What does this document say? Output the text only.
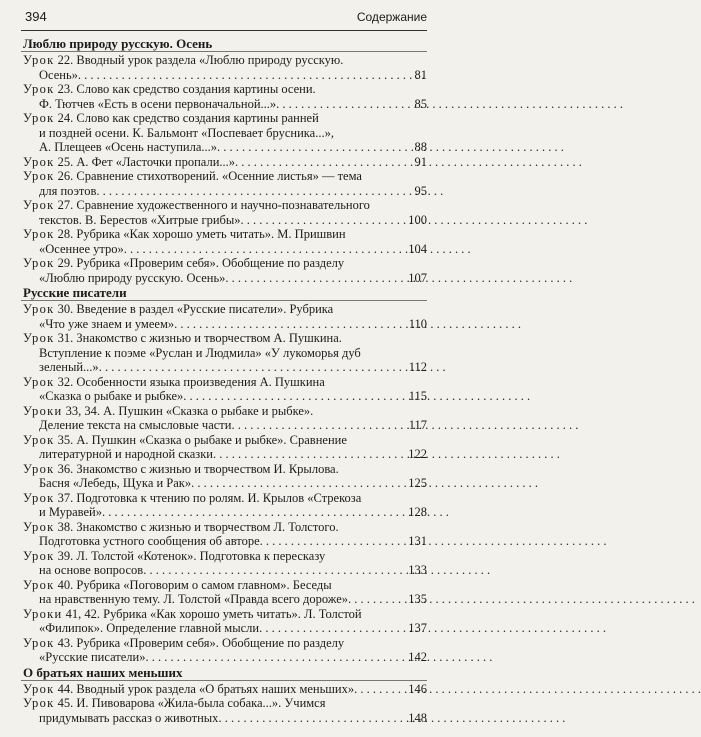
394	Содержание
Люблю природу русскую. Осень
Урок 22. Вводный урок раздела «Люблю природу русскую.
Осень» . . .	81
Урок 23. Слово как средство создания картины осени.
Ф. Тютчев «Есть в осени первоначальной...» . . .	85
Урок 24. Слово как средство создания картины ранней
и поздней осени. К. Бальмонт «Поспевает брусника...»,
А. Плещеев «Осень наступила...» . . .	88
Урок 25. А. Фет «Ласточки пропали...» . . .	91
Урок 26. Сравнение стихотворений. «Осенние листья» — тема
для поэтов . . .	95
Урок 27. Сравнение художественного и научно-познавательного
текстов. В. Берестов «Хитрые грибы» . . .	100
Урок 28. Рубрика «Как хорошо уметь читать». М. Пришвин
«Осеннее утро» . . .	104
Урок 29. Рубрика «Проверим себя». Обобщение по разделу
«Люблю природу русскую. Осень» . . .	107
Русские писатели
Урок 30. Введение в раздел «Русские писатели». Рубрика
«Что уже знаем и умеем» . . .	110
Урок 31. Знакомство с жизнью и творчеством А. Пушкина.
Вступление к поэме «Руслан и Людмила» «У лукоморья дуб
зеленый...» . . .	112
Урок 32. Особенности языка произведения А. Пушкина
«Сказка о рыбаке и рыбке» . . .	115
Уроки 33, 34. А. Пушкин «Сказка о рыбаке и рыбке».
Деление текста на смысловые части . . .	117
Урок 35. А. Пушкин «Сказка о рыбаке и рыбке». Сравнение
литературной и народной сказки . . .	122
Урок 36. Знакомство с жизнью и творчеством И. Крылова.
Басня «Лебедь, Щука и Рак» . . .	125
Урок 37. Подготовка к чтению по ролям. И. Крылов «Стрекоза
и Муравей» . . .	128
Урок 38. Знакомство с жизнью и творчеством Л. Толстого.
Подготовка устного сообщения об авторе . . .	131
Урок 39. Л. Толстой «Котенок». Подготовка к пересказу
на основе вопросов . . .	133
Урок 40. Рубрика «Поговорим о самом главном». Беседы
на нравственную тему. Л. Толстой «Правда всего дороже» . . .	135
Уроки 41, 42. Рубрика «Как хорошо уметь читать». Л. Толстой
«Филипок». Определение главной мысли . . .	137
Урок 43. Рубрика «Проверим себя». Обобщение по разделу
«Русские писатели» . . .	142
О братьях наших меньших
Урок 44. Вводный урок раздела «О братьях наших меньших» . . .	146
Урок 45. И. Пивоварова «Жила-была собака...». Учимся
придумывать рассказ о животных . . .	148
